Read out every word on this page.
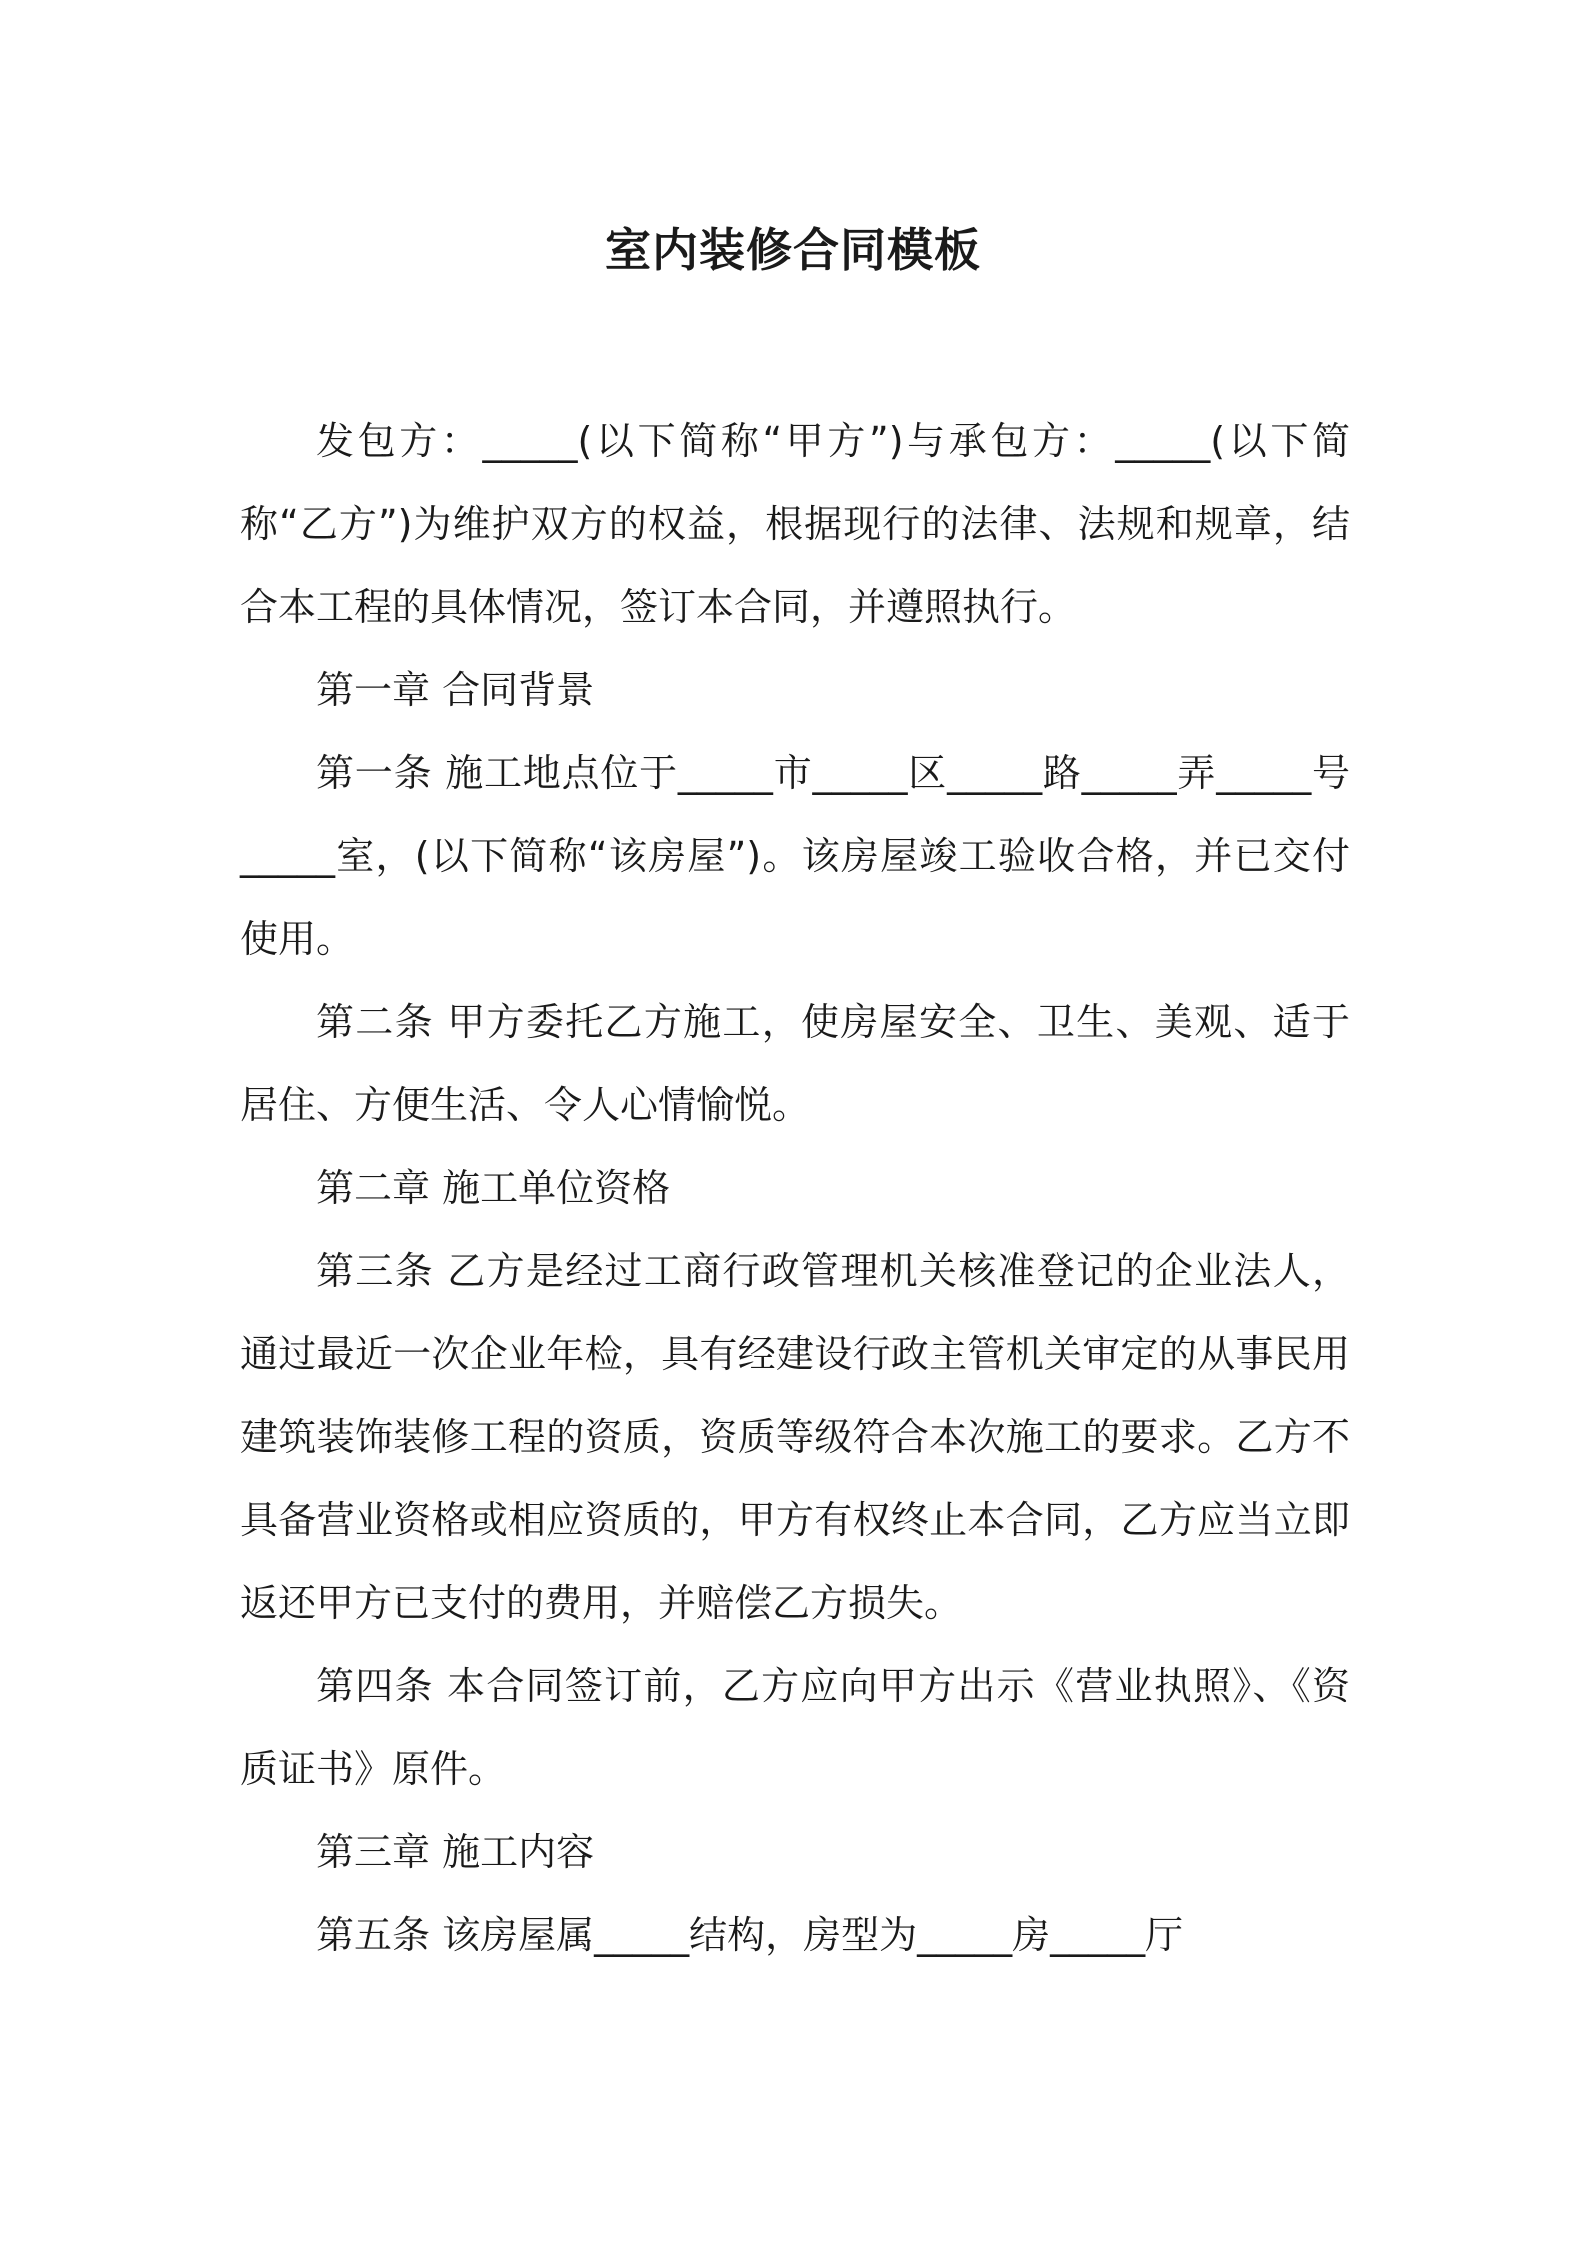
室内装修合同模板

发包方：_____(以下简称“甲方”)与承包方：_____(以下简称“乙方”)为维护双方的权益，根据现行的法律、法规和规章，结合本工程的具体情况，签订本合同，并遵照执行。

第一章 合同背景

第一条 施工地点位于_____市_____区_____路_____弄_____号_____室，(以下简称“该房屋”)。该房屋竣工验收合格，并已交付使用。

第二条 甲方委托乙方施工，使房屋安全、卫生、美观、适于居住、方便生活、令人心情愉悦。

第二章 施工单位资格

第三条 乙方是经过工商行政管理机关核准登记的企业法人，通过最近一次企业年检，具有经建设行政主管机关审定的从事民用建筑装饰装修工程的资质，资质等级符合本次施工的要求。乙方不具备营业资格或相应资质的，甲方有权终止本合同，乙方应当立即返还甲方已支付的费用，并赔偿乙方损失。

第四条 本合同签订前，乙方应向甲方出示《营业执照》、《资质证书》原件。

第三章 施工内容

第五条 该房屋属_____结构，房型为_____房_____厅
